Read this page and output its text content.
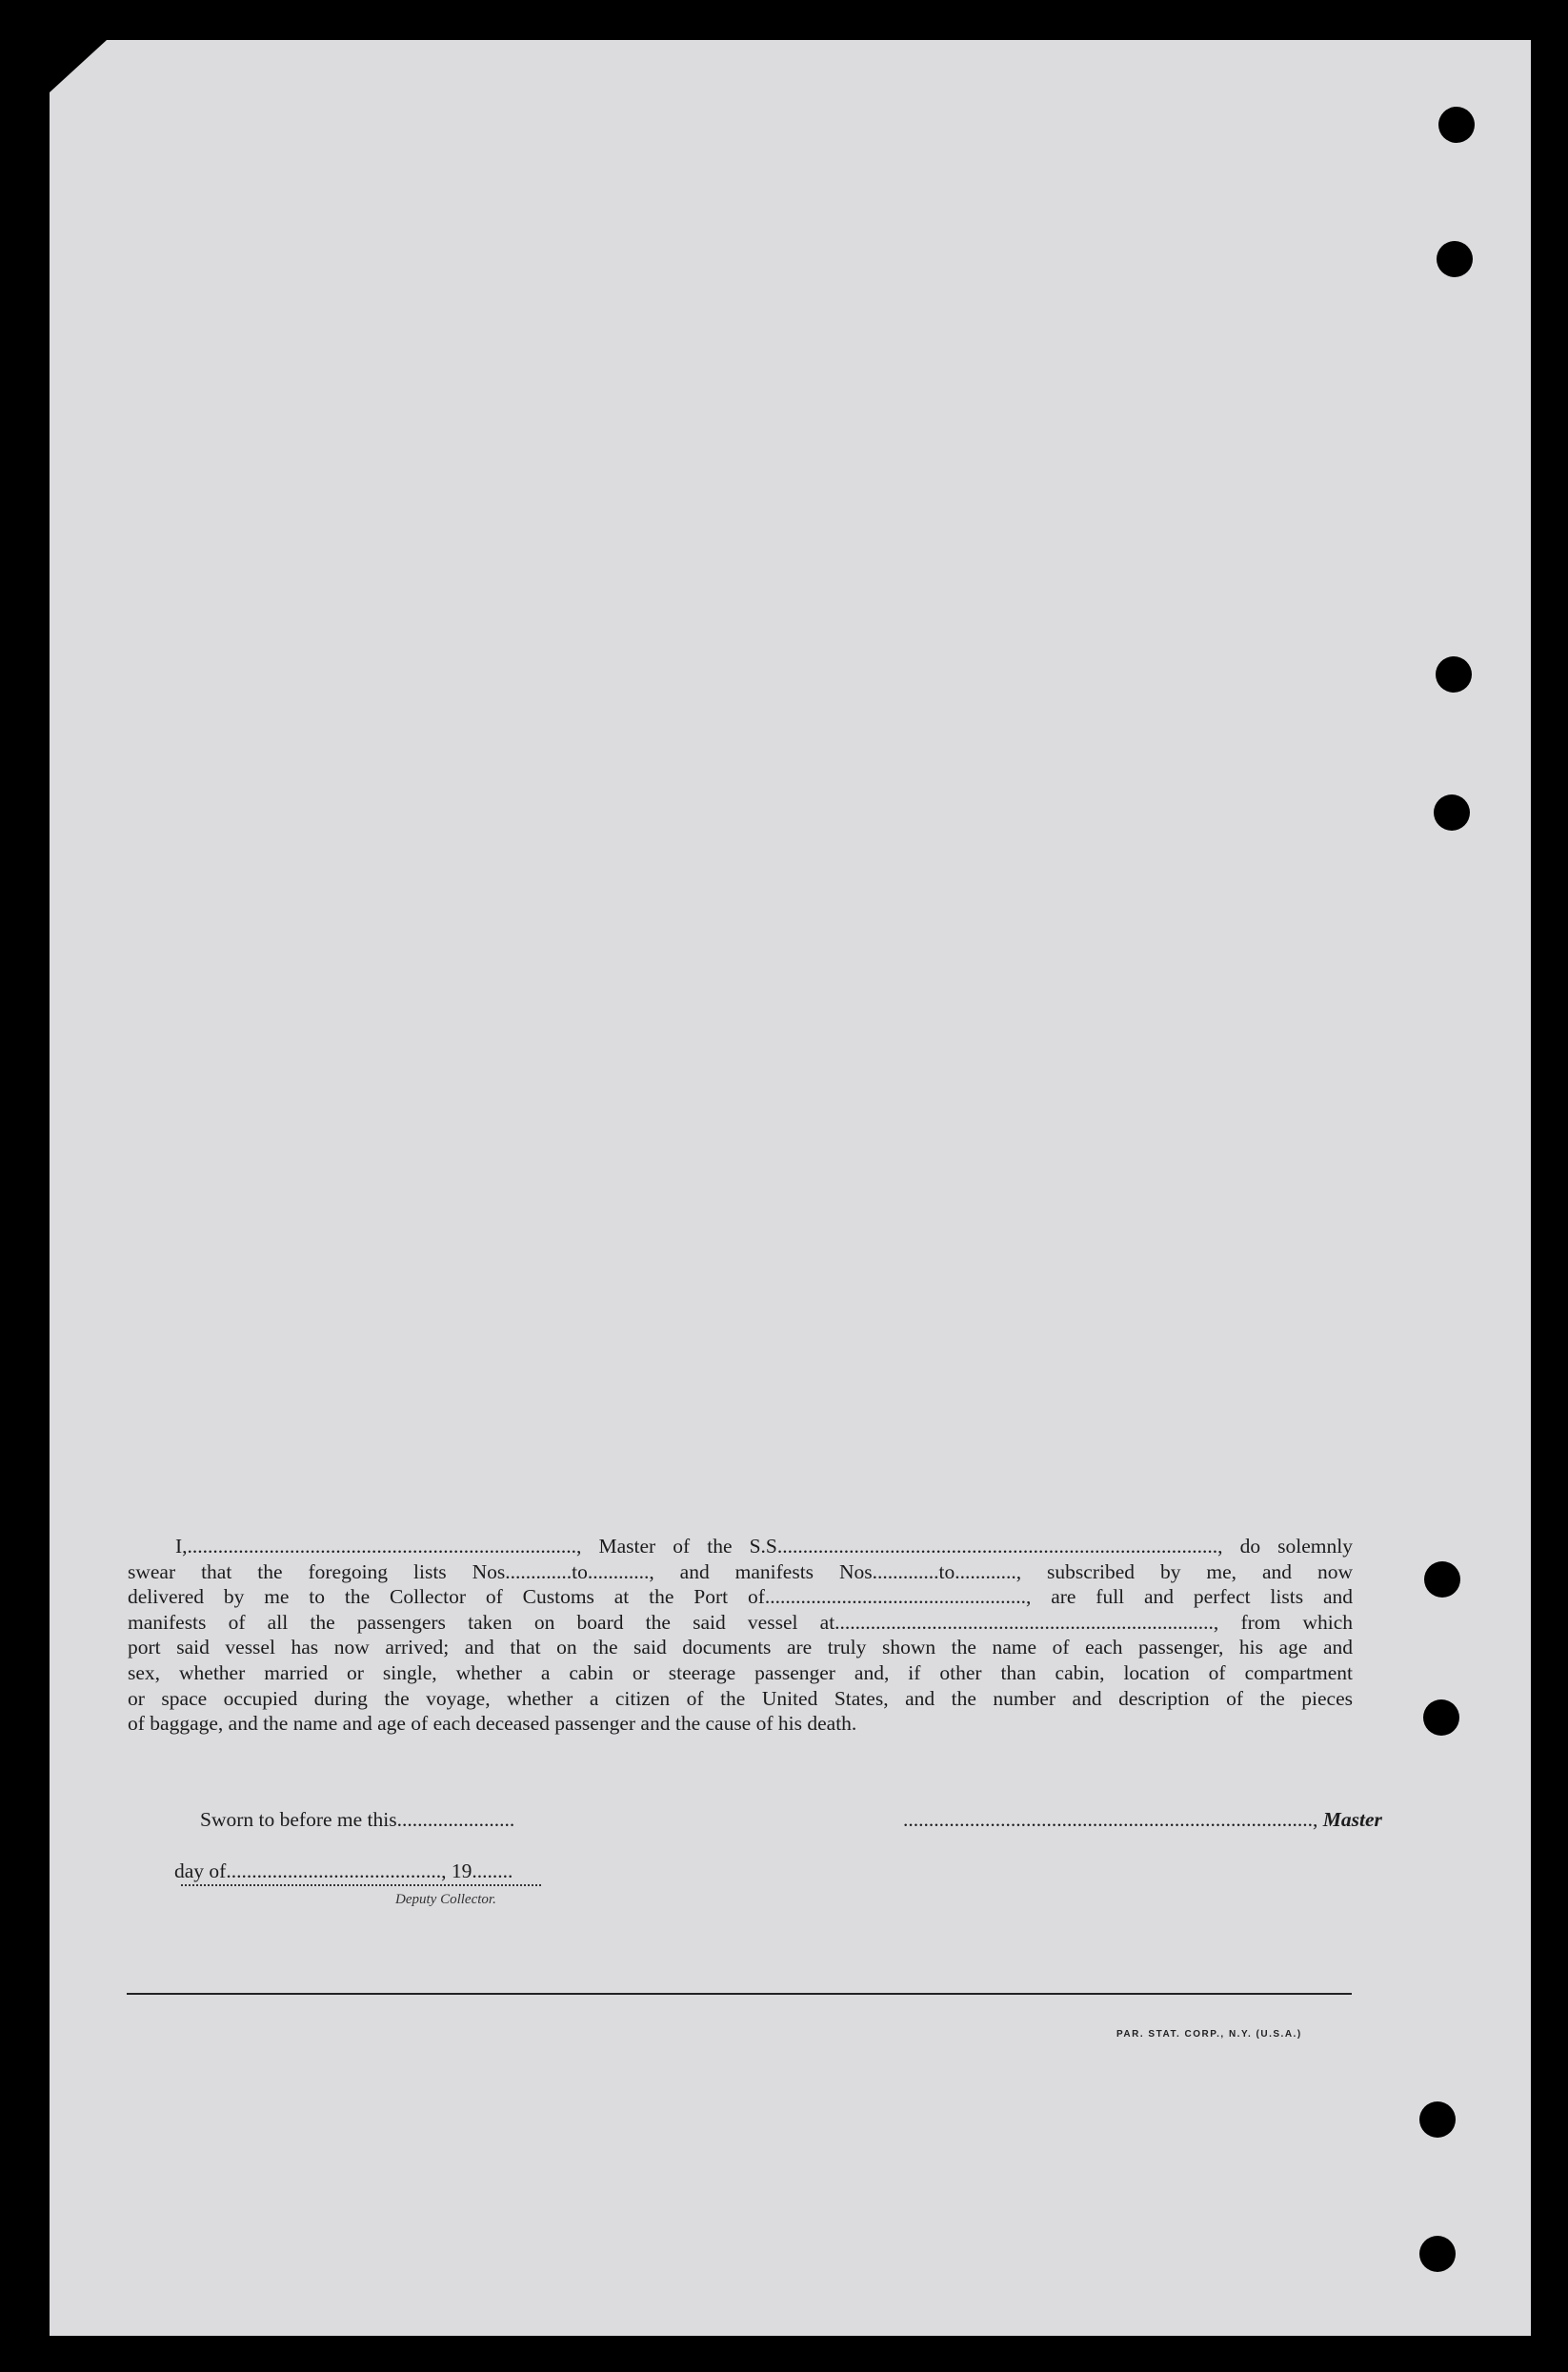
I,............................................................................, Master of the S.S......................................................................................, do solemnly
swear that the foregoing lists Nos.............to............, and manifests Nos.............to............, subscribed by me, and now
delivered by me to the Collector of Customs at the Port of..................................................., are full and perfect lists and
manifests of all the passengers taken on board the said vessel at.........................................................................., from which
port said vessel has now arrived; and that on the said documents are truly shown the name of each passenger, his age and
sex, whether married or single, whether a cabin or steerage passenger and, if other than cabin, location of compartment
or space occupied during the voyage, whether a citizen of the United States, and the number and description of the pieces
of baggage, and the name and age of each deceased passenger and the cause of his death.
Sworn to before me this.......................	................................................................................, Master
day of.........................................., 19........
Deputy Collector.
PAR. STAT. CORP., N.Y. (U.S.A.)
